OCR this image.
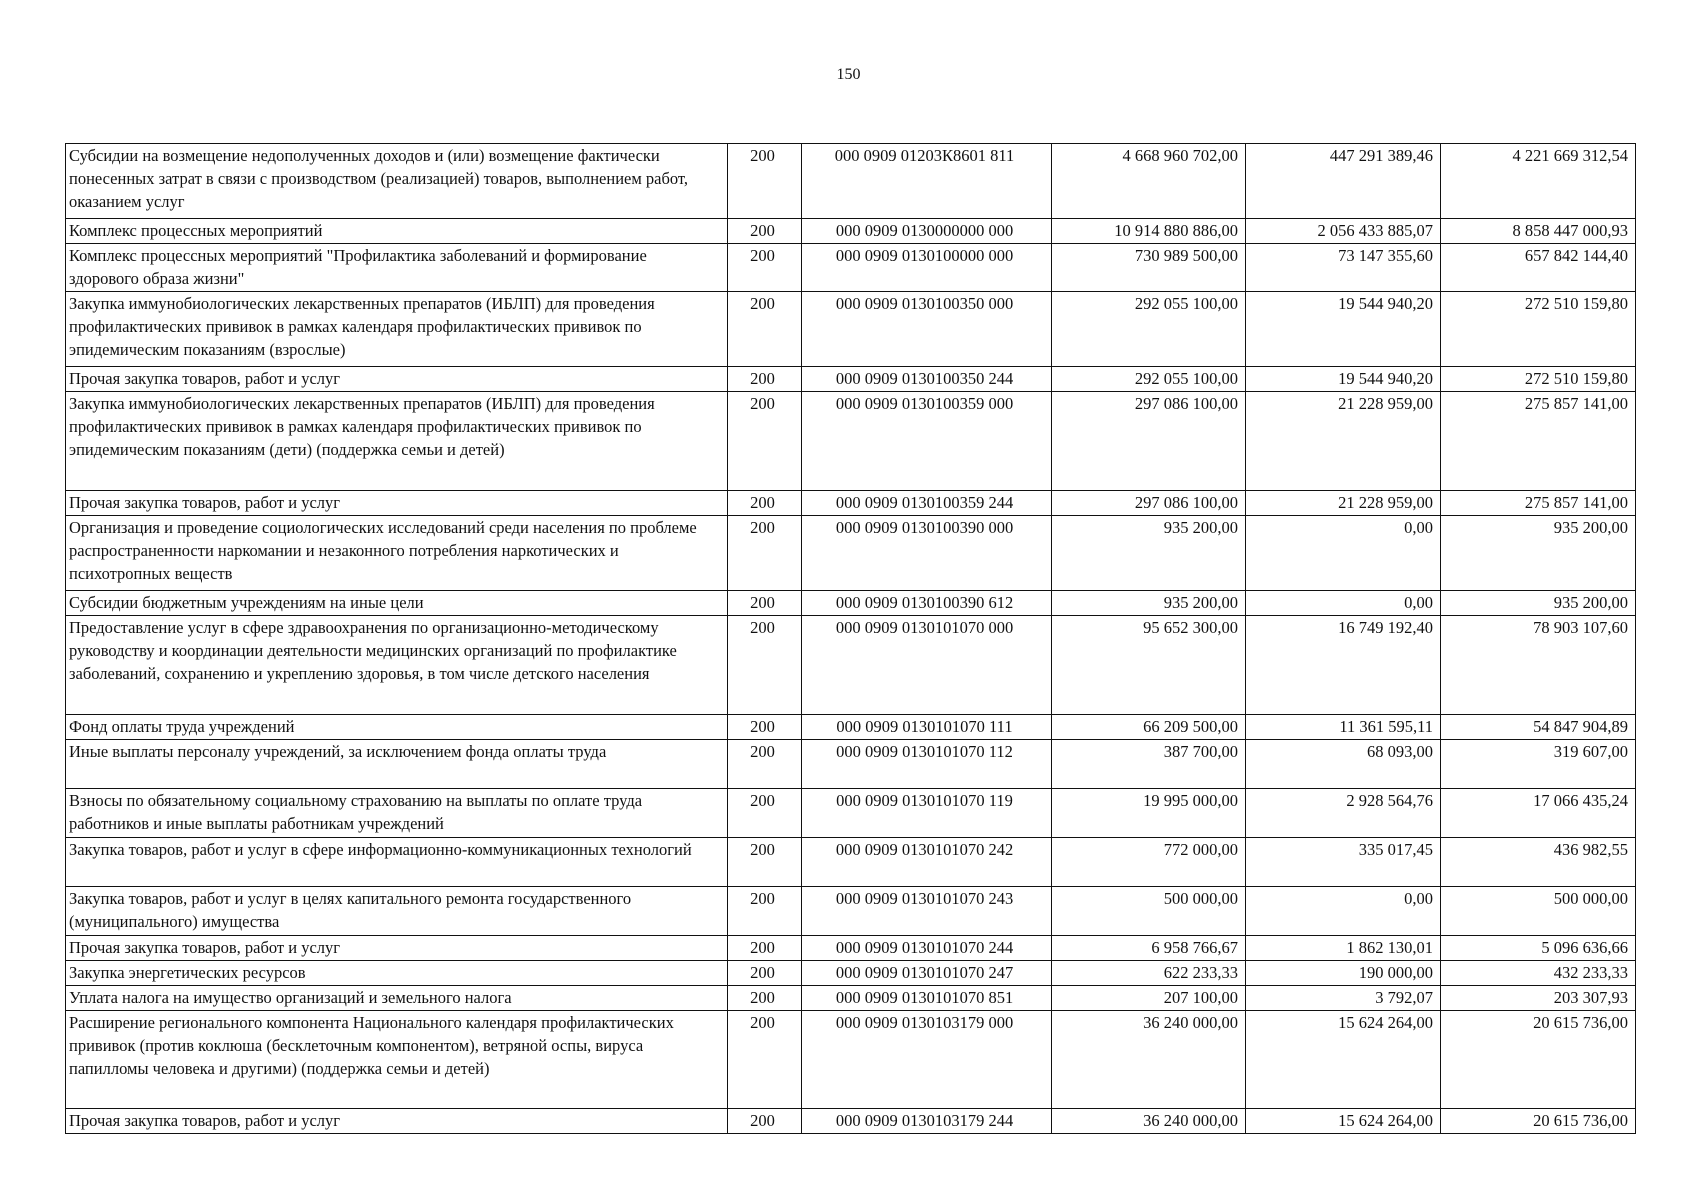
150
Субсидии на возмещение недополученных доходов и (или) возмещение фактически понесенных затрат в связи с производством (реализацией) товаров, выполнением работ, оказанием услуг	200	000 0909 01203К8601 811	4 668 960 702,00	447 291 389,46	4 221 669 312,54
Комплекс процессных мероприятий	200	000 0909 0130000000 000	10 914 880 886,00	2 056 433 885,07	8 858 447 000,93
Комплекс процессных мероприятий "Профилактика заболеваний и формирование здорового образа жизни"	200	000 0909 0130100000 000	730 989 500,00	73 147 355,60	657 842 144,40
Закупка иммунобиологических лекарственных препаратов (ИБЛП) для проведения профилактических прививок в рамках календаря профилактических прививок по эпидемическим показаниям (взрослые)	200	000 0909 0130100350 000	292 055 100,00	19 544 940,20	272 510 159,80
Прочая закупка товаров, работ и услуг	200	000 0909 0130100350 244	292 055 100,00	19 544 940,20	272 510 159,80
Закупка иммунобиологических лекарственных препаратов (ИБЛП) для проведения профилактических прививок в рамках календаря профилактических прививок по эпидемическим показаниям (дети) (поддержка семьи и детей)	200	000 0909 0130100359 000	297 086 100,00	21 228 959,00	275 857 141,00
Прочая закупка товаров, работ и услуг	200	000 0909 0130100359 244	297 086 100,00	21 228 959,00	275 857 141,00
Организация и проведение социологических исследований среди населения по проблеме распространенности наркомании и незаконного потребления наркотических и психотропных веществ	200	000 0909 0130100390 000	935 200,00	0,00	935 200,00
Субсидии бюджетным учреждениям на иные цели	200	000 0909 0130100390 612	935 200,00	0,00	935 200,00
Предоставление услуг в сфере здравоохранения по организационно-методическому руководству и координации деятельности медицинских организаций по профилактике заболеваний, сохранению и укреплению здоровья, в том числе детского населения	200	000 0909 0130101070 000	95 652 300,00	16 749 192,40	78 903 107,60
Фонд оплаты труда учреждений	200	000 0909 0130101070 111	66 209 500,00	11 361 595,11	54 847 904,89
Иные выплаты персоналу учреждений, за исключением фонда оплаты труда	200	000 0909 0130101070 112	387 700,00	68 093,00	319 607,00
Взносы по обязательному социальному страхованию на выплаты по оплате труда работников и иные выплаты работникам учреждений	200	000 0909 0130101070 119	19 995 000,00	2 928 564,76	17 066 435,24
Закупка товаров, работ и услуг в сфере информационно-коммуникационных технологий	200	000 0909 0130101070 242	772 000,00	335 017,45	436 982,55
Закупка товаров, работ и услуг в целях капитального ремонта государственного (муниципального) имущества	200	000 0909 0130101070 243	500 000,00	0,00	500 000,00
Прочая закупка товаров, работ и услуг	200	000 0909 0130101070 244	6 958 766,67	1 862 130,01	5 096 636,66
Закупка энергетических ресурсов	200	000 0909 0130101070 247	622 233,33	190 000,00	432 233,33
Уплата налога на имущество организаций и земельного налога	200	000 0909 0130101070 851	207 100,00	3 792,07	203 307,93
Расширение регионального компонента Национального календаря профилактических прививок (против коклюша (бесклеточным компонентом), ветряной оспы, вируса папилломы человека и другими) (поддержка семьи и детей)	200	000 0909 0130103179 000	36 240 000,00	15 624 264,00	20 615 736,00
Прочая закупка товаров, работ и услуг	200	000 0909 0130103179 244	36 240 000,00	15 624 264,00	20 615 736,00
